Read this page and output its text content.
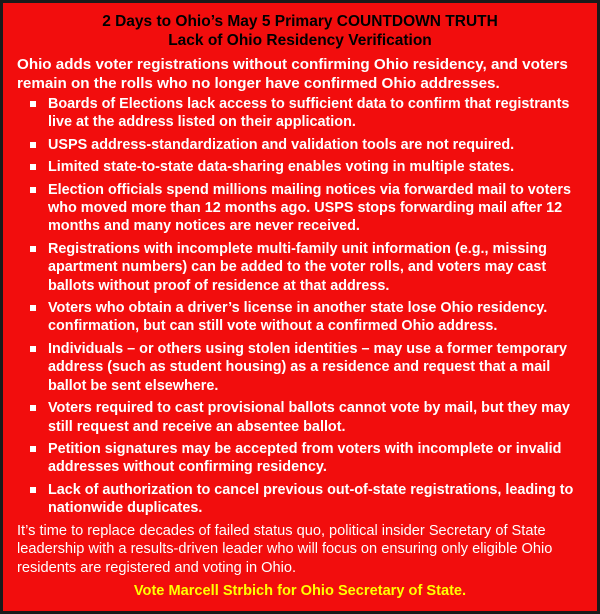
2 Days to Ohio’s May 5 Primary COUNTDOWN TRUTH
Lack of Ohio Residency Verification

Ohio adds voter registrations without confirming Ohio residency, and voters remain on the rolls who no longer have confirmed Ohio addresses.

Boards of Elections lack access to sufficient data to confirm that registrants live at the address listed on their application.
USPS address-standardization and validation tools are not required.
Limited state-to-state data-sharing enables voting in multiple states.
Election officials spend millions mailing notices via forwarded mail to voters who moved more than 12 months ago. USPS stops forwarding mail after 12 months and many notices are never received.
Registrations with incomplete multi-family unit information (e.g., missing apartment numbers) can be added to the voter rolls, and voters may cast ballots without proof of residence at that address.
Voters who obtain a driver’s license in another state lose Ohio residency. confirmation, but can still vote without a confirmed Ohio address.
Individuals – or others using stolen identities – may use a former temporary address (such as student housing) as a residence and request that a mail ballot be sent elsewhere.
Voters required to cast provisional ballots cannot vote by mail, but they may still request and receive an absentee ballot.
Petition signatures may be accepted from voters with incomplete or invalid addresses without confirming residency.
Lack of authorization to cancel previous out-of-state registrations, leading to nationwide duplicates.

It’s time to replace decades of failed status quo, political insider Secretary of State leadership with a results-driven leader who will focus on ensuring only eligible Ohio residents are registered and voting in Ohio.

Vote Marcell Strbich for Ohio Secretary of State.
